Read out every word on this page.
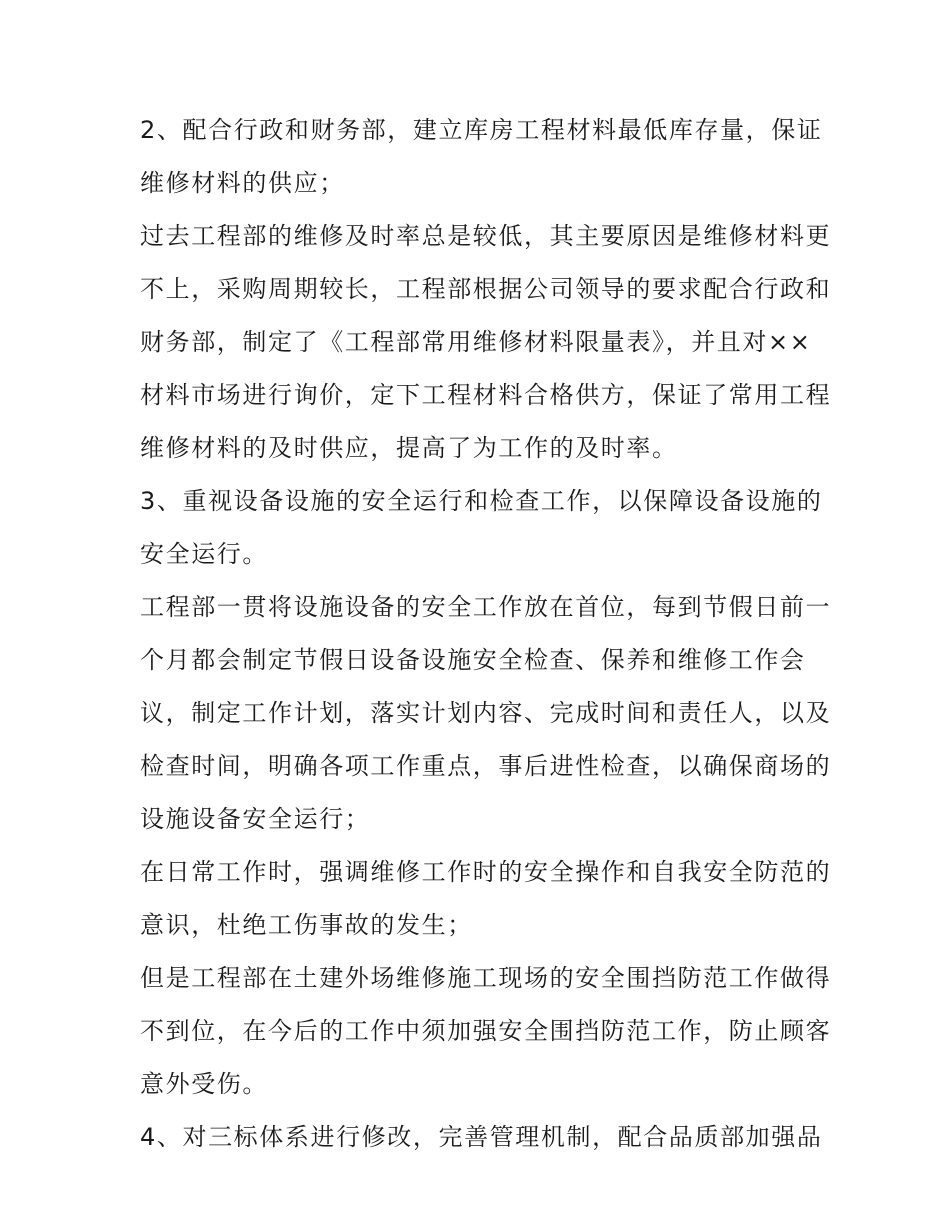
2、配合行政和财务部，建立库房工程材料最低库存量，保证
维修材料的供应；
过去工程部的维修及时率总是较低，其主要原因是维修材料更
不上，采购周期较长，工程部根据公司领导的要求配合行政和
财务部，制定了《工程部常用维修材料限量表》，并且对××
材料市场进行询价，定下工程材料合格供方，保证了常用工程
维修材料的及时供应，提高了为工作的及时率。
3、重视设备设施的安全运行和检查工作，以保障设备设施的
安全运行。
工程部一贯将设施设备的安全工作放在首位，每到节假日前一
个月都会制定节假日设备设施安全检查、保养和维修工作会
议，制定工作计划，落实计划内容、完成时间和责任人，以及
检查时间，明确各项工作重点，事后进性检查，以确保商场的
设施设备安全运行；
在日常工作时，强调维修工作时的安全操作和自我安全防范的
意识，杜绝工伤事故的发生；
但是工程部在土建外场维修施工现场的安全围挡防范工作做得
不到位，在今后的工作中须加强安全围挡防范工作，防止顾客
意外受伤。
4、对三标体系进行修改，完善管理机制，配合品质部加强品
